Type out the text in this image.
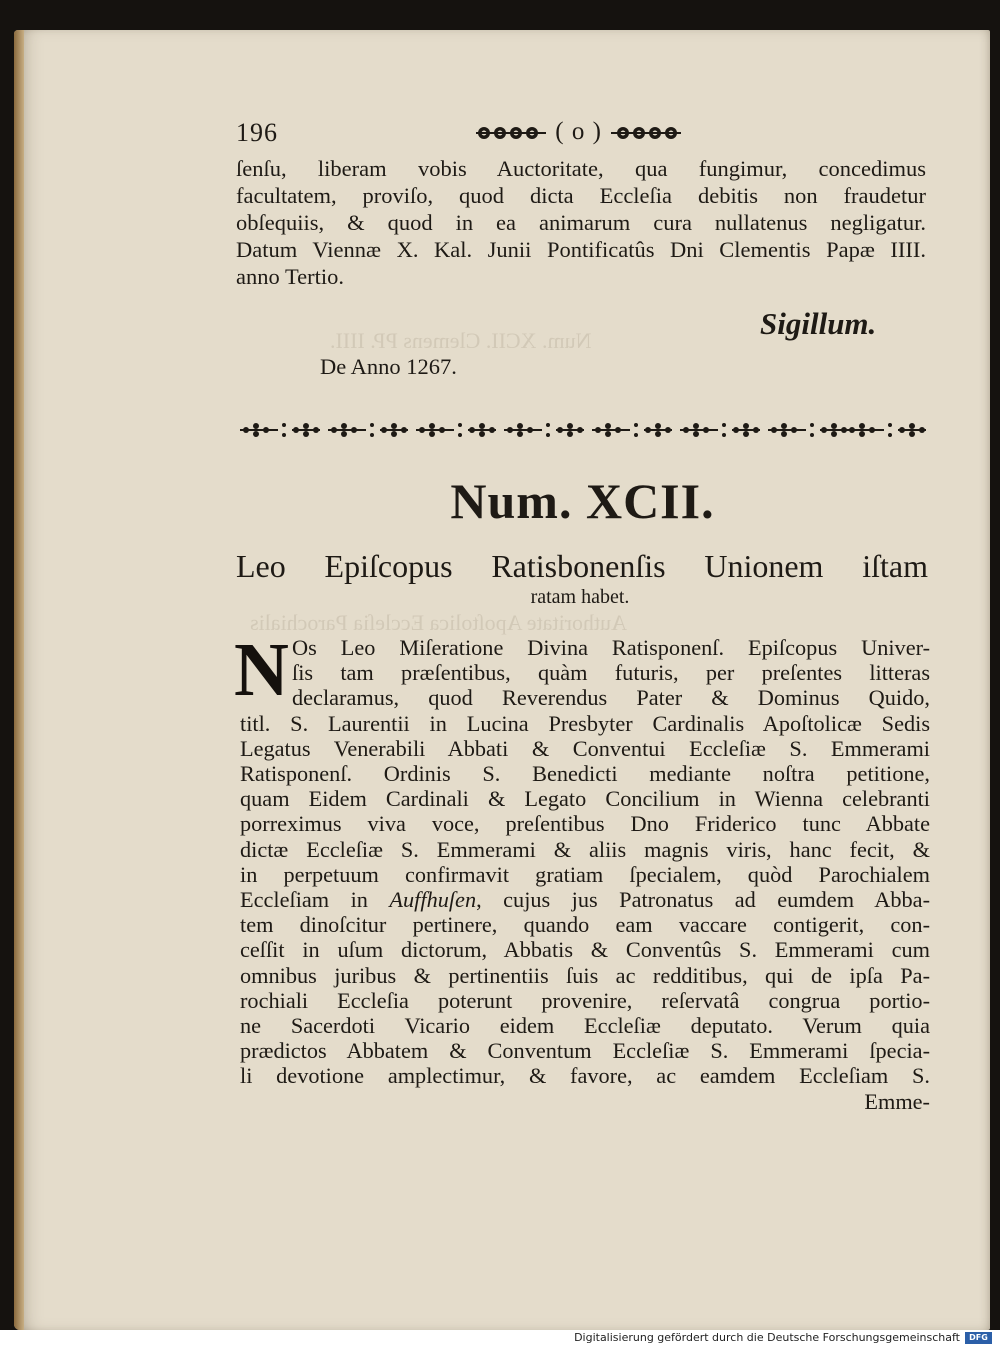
Num. XCII. Clemens PP. IIII.
Authoritate Apoſtolica Eccleſia Parochialis
196	( o )
ſenſu, liberam vobis Auctoritate, qua fungimur, concedimus
facultatem, proviſo, quod dicta Eccleſia debitis non fraudetur
obſequiis, & quod in ea animarum cura nullatenus negligatur.
Datum Viennæ X. Kal. Junii Pontificatûs Dni Clementis Papæ IIII.
anno Tertio.
Sigillum.
De Anno 1267.
Num. XCII.
Leo Epiſcopus Ratisbonenſis Unionem iſtam
ratam habet.
N Os Leo Miſeratione Divina Ratisponenſ. Epiſcopus Univer-
ſis tam præſentibus, quàm futuris, per preſentes litteras
declaramus, quod Reverendus Pater & Dominus Quido,
titl. S. Laurentii in Lucina Presbyter Cardinalis Apoſtolicæ Sedis
Legatus Venerabili Abbati & Conventui Eccleſiæ S. Emmerami
Ratisponenſ. Ordinis S. Benedicti mediante noſtra petitione,
quam Eidem Cardinali & Legato Concilium in Wienna celebranti
porreximus viva voce, preſentibus Dno Friderico tunc Abbate
dictæ Eccleſiæ S. Emmerami & aliis magnis viris, hanc fecit, &
in perpetuum confirmavit gratiam ſpecialem, quòd Parochialem
Eccleſiam in Auffhuſen, cujus jus Patronatus ad eumdem Abba-
tem dinoſcitur pertinere, quando eam vaccare contigerit, con-
ceſſit in uſum dictorum, Abbatis & Conventûs S. Emmerami cum
omnibus juribus & pertinentiis ſuis ac redditibus, qui de ipſa Pa-
rochiali Eccleſia poterunt provenire, reſervatâ congrua portio-
ne Sacerdoti Vicario eidem Eccleſiæ deputato. Verum quia
prædictos Abbatem & Conventum Eccleſiæ S. Emmerami ſpecia-
li devotione amplectimur, & favore, ac eamdem Eccleſiam S.
Emme-
Digitalisierung gefördert durch die Deutsche Forschungsgemeinschaft	DFG
